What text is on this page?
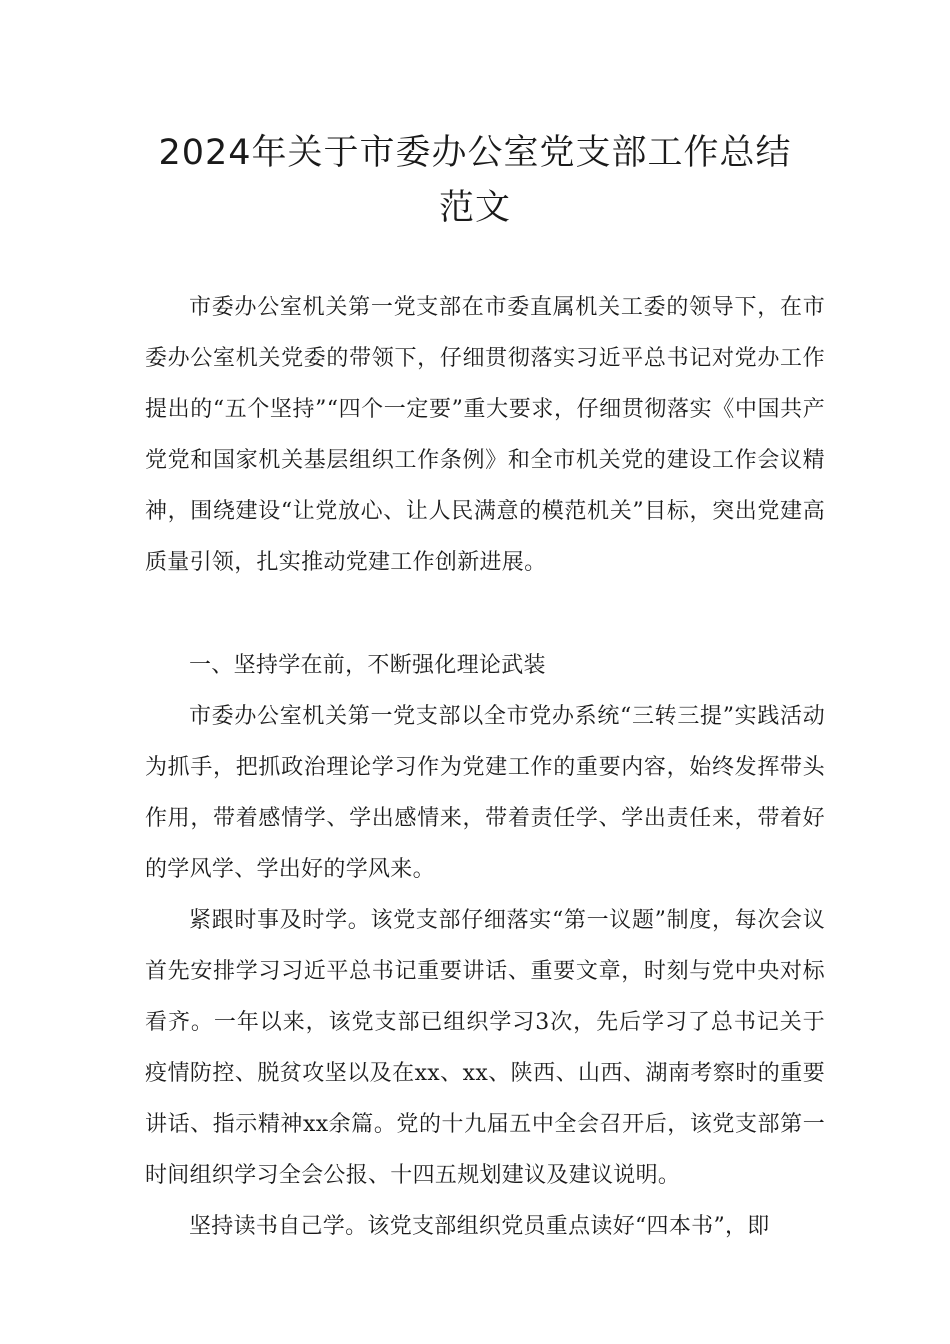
2024年关于市委办公室党支部工作总结
范文

市委办公室机关第一党支部在市委直属机关工委的领导下，在市委办公室机关党委的带领下，仔细贯彻落实习近平总书记对党办工作提出的“五个坚持”“四个一定要”重大要求，仔细贯彻落实《中国共产党党和国家机关基层组织工作条例》和全市机关党的建设工作会议精神，围绕建设“让党放心、让人民满意的模范机关”目标，突出党建高质量引领，扎实推动党建工作创新进展。

一、坚持学在前，不断强化理论武装

市委办公室机关第一党支部以全市党办系统“三转三提”实践活动为抓手，把抓政治理论学习作为党建工作的重要内容，始终发挥带头作用，带着感情学、学出感情来，带着责任学、学出责任来，带着好的学风学、学出好的学风来。

紧跟时事及时学。该党支部仔细落实“第一议题”制度，每次会议首先安排学习习近平总书记重要讲话、重要文章，时刻与党中央对标看齐。一年以来，该党支部已组织学习3次，先后学习了总书记关于疫情防控、脱贫攻坚以及在xx、xx、陕西、山西、湖南考察时的重要讲话、指示精神xx余篇。党的十九届五中全会召开后，该党支部第一时间组织学习全会公报、十四五规划建议及建议说明。

坚持读书自己学。该党支部组织党员重点读好“四本书”，即
